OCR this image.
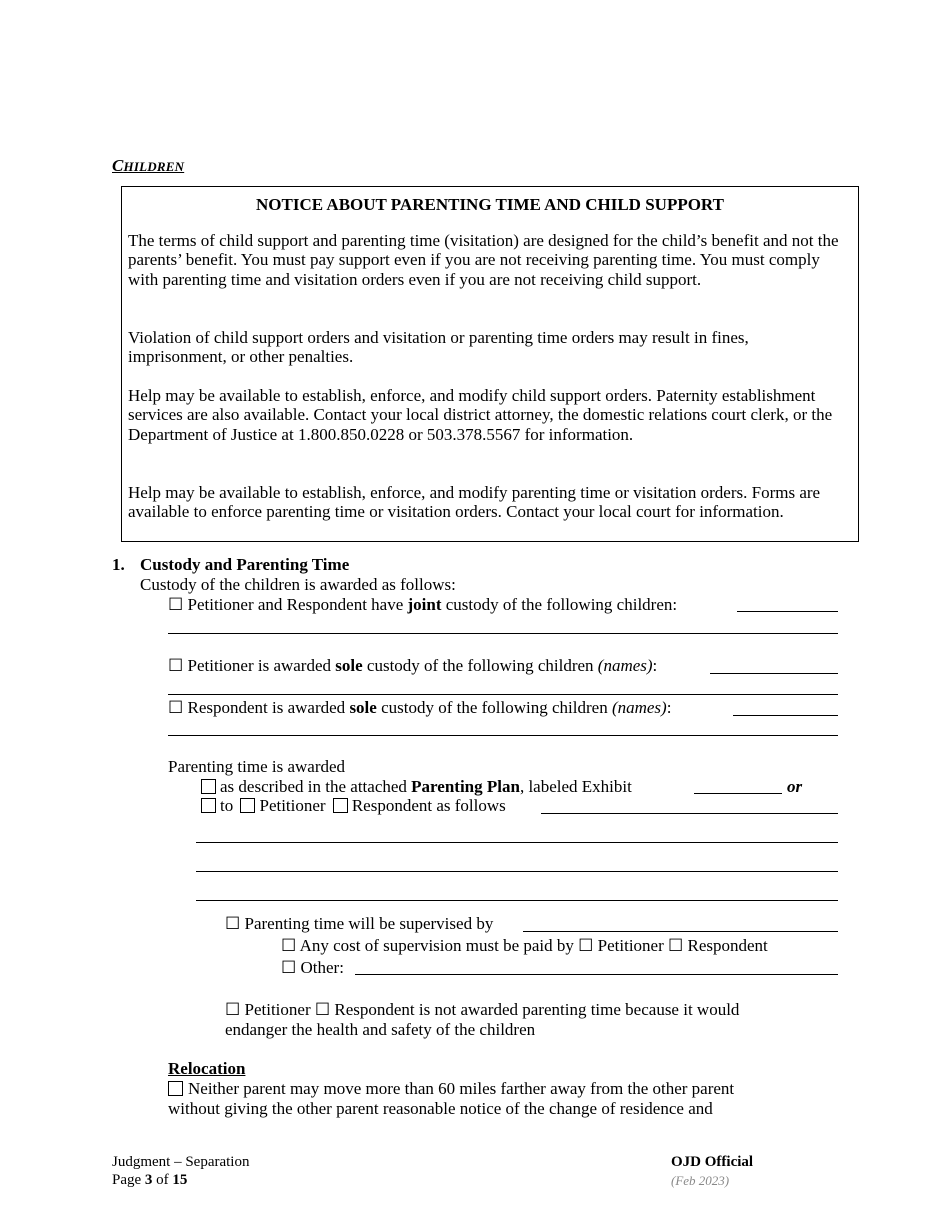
CHILDREN
NOTICE ABOUT PARENTING TIME AND CHILD SUPPORT

The terms of child support and parenting time (visitation) are designed for the child’s benefit and not the parents’ benefit. You must pay support even if you are not receiving parenting time. You must comply with parenting time and visitation orders even if you are not receiving child support.

Violation of child support orders and visitation or parenting time orders may result in fines, imprisonment, or other penalties.

Help may be available to establish, enforce, and modify child support orders. Paternity establishment services are also available. Contact your local district attorney, the domestic relations court clerk, or the Department of Justice at 1.800.850.0228 or 503.378.5567 for information.

Help may be available to establish, enforce, and modify parenting time or visitation orders. Forms are available to enforce parenting time or visitation orders. Contact your local court for information.

1. Custody and Parenting Time
Custody of the children is awarded as follows:
☐ Petitioner and Respondent have joint custody of the following children:
☐ Petitioner is awarded sole custody of the following children (names):
☐ Respondent is awarded sole custody of the following children (names):
Parenting time is awarded
as described in the attached Parenting Plan, labeled Exhibit	or
to Petitioner Respondent as follows
☐ Parenting time will be supervised by
☐ Any cost of supervision must be paid by ☐ Petitioner ☐ Respondent
☐ Other:
☐ Petitioner ☐ Respondent is not awarded parenting time because it would
endanger the health and safety of the children
Relocation
Neither parent may move more than 60 miles farther away from the other parent
without giving the other parent reasonable notice of the change of residence and
Judgment – Separation
Page 3 of 15
OJD Official
(Feb 2023)
